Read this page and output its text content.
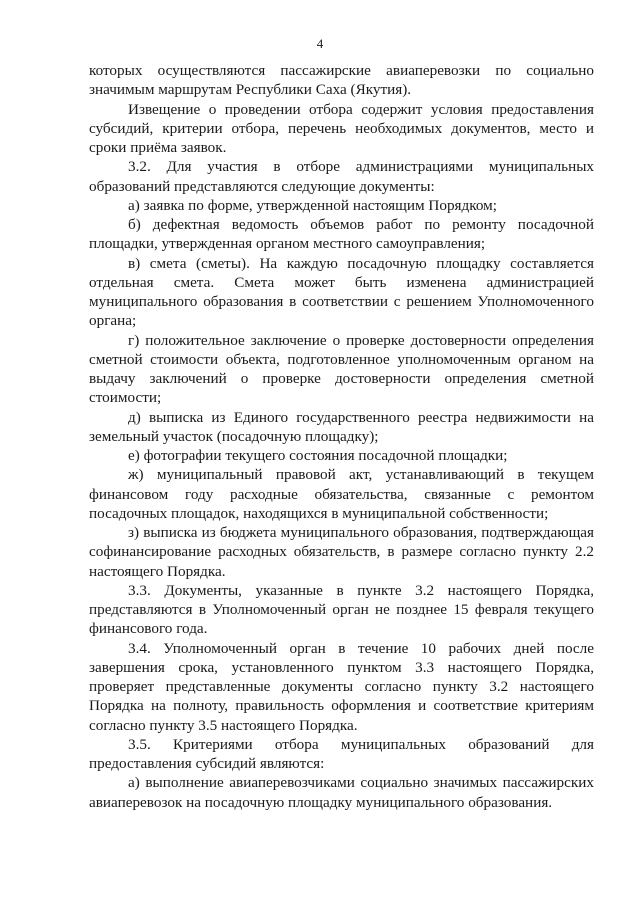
4
которых осуществляются пассажирские авиаперевозки по социально
значимым маршрутам Республики Саха (Якутия).
Извещение о проведении отбора содержит условия предоставления
субсидий, критерии отбора, перечень необходимых документов, место и
сроки приёма заявок.
3.2. Для участия в отборе администрациями муниципальных
образований представляются следующие документы:
а) заявка по форме, утвержденной настоящим Порядком;
б) дефектная ведомость объемов работ по ремонту посадочной
площадки, утвержденная органом местного самоуправления;
в) смета (сметы). На каждую посадочную площадку составляется
отдельная смета. Смета может быть изменена администрацией
муниципального образования в соответствии с решением Уполномоченного
органа;
г) положительное заключение о проверке достоверности определения
сметной стоимости объекта, подготовленное уполномоченным органом на
выдачу заключений о проверке достоверности определения сметной
стоимости;
д) выписка из Единого государственного реестра недвижимости на
земельный участок (посадочную площадку);
е) фотографии текущего состояния посадочной площадки;
ж) муниципальный правовой акт, устанавливающий в текущем
финансовом году расходные обязательства, связанные с ремонтом
посадочных площадок, находящихся в муниципальной собственности;
з) выписка из бюджета муниципального образования, подтверждающая
софинансирование расходных обязательств, в размере согласно пункту 2.2
настоящего Порядка.
3.3. Документы, указанные в пункте 3.2 настоящего Порядка,
представляются в Уполномоченный орган не позднее 15 февраля текущего
финансового года.
3.4. Уполномоченный орган в течение 10 рабочих дней после
завершения срока, установленного пунктом 3.3 настоящего Порядка,
проверяет представленные документы согласно пункту 3.2 настоящего
Порядка на полноту, правильность оформления и соответствие критериям
согласно пункту 3.5 настоящего Порядка.
3.5. Критериями отбора муниципальных образований для
предоставления субсидий являются:
а) выполнение авиаперевозчиками социально значимых пассажирских
авиаперевозок на посадочную площадку муниципального образования.
